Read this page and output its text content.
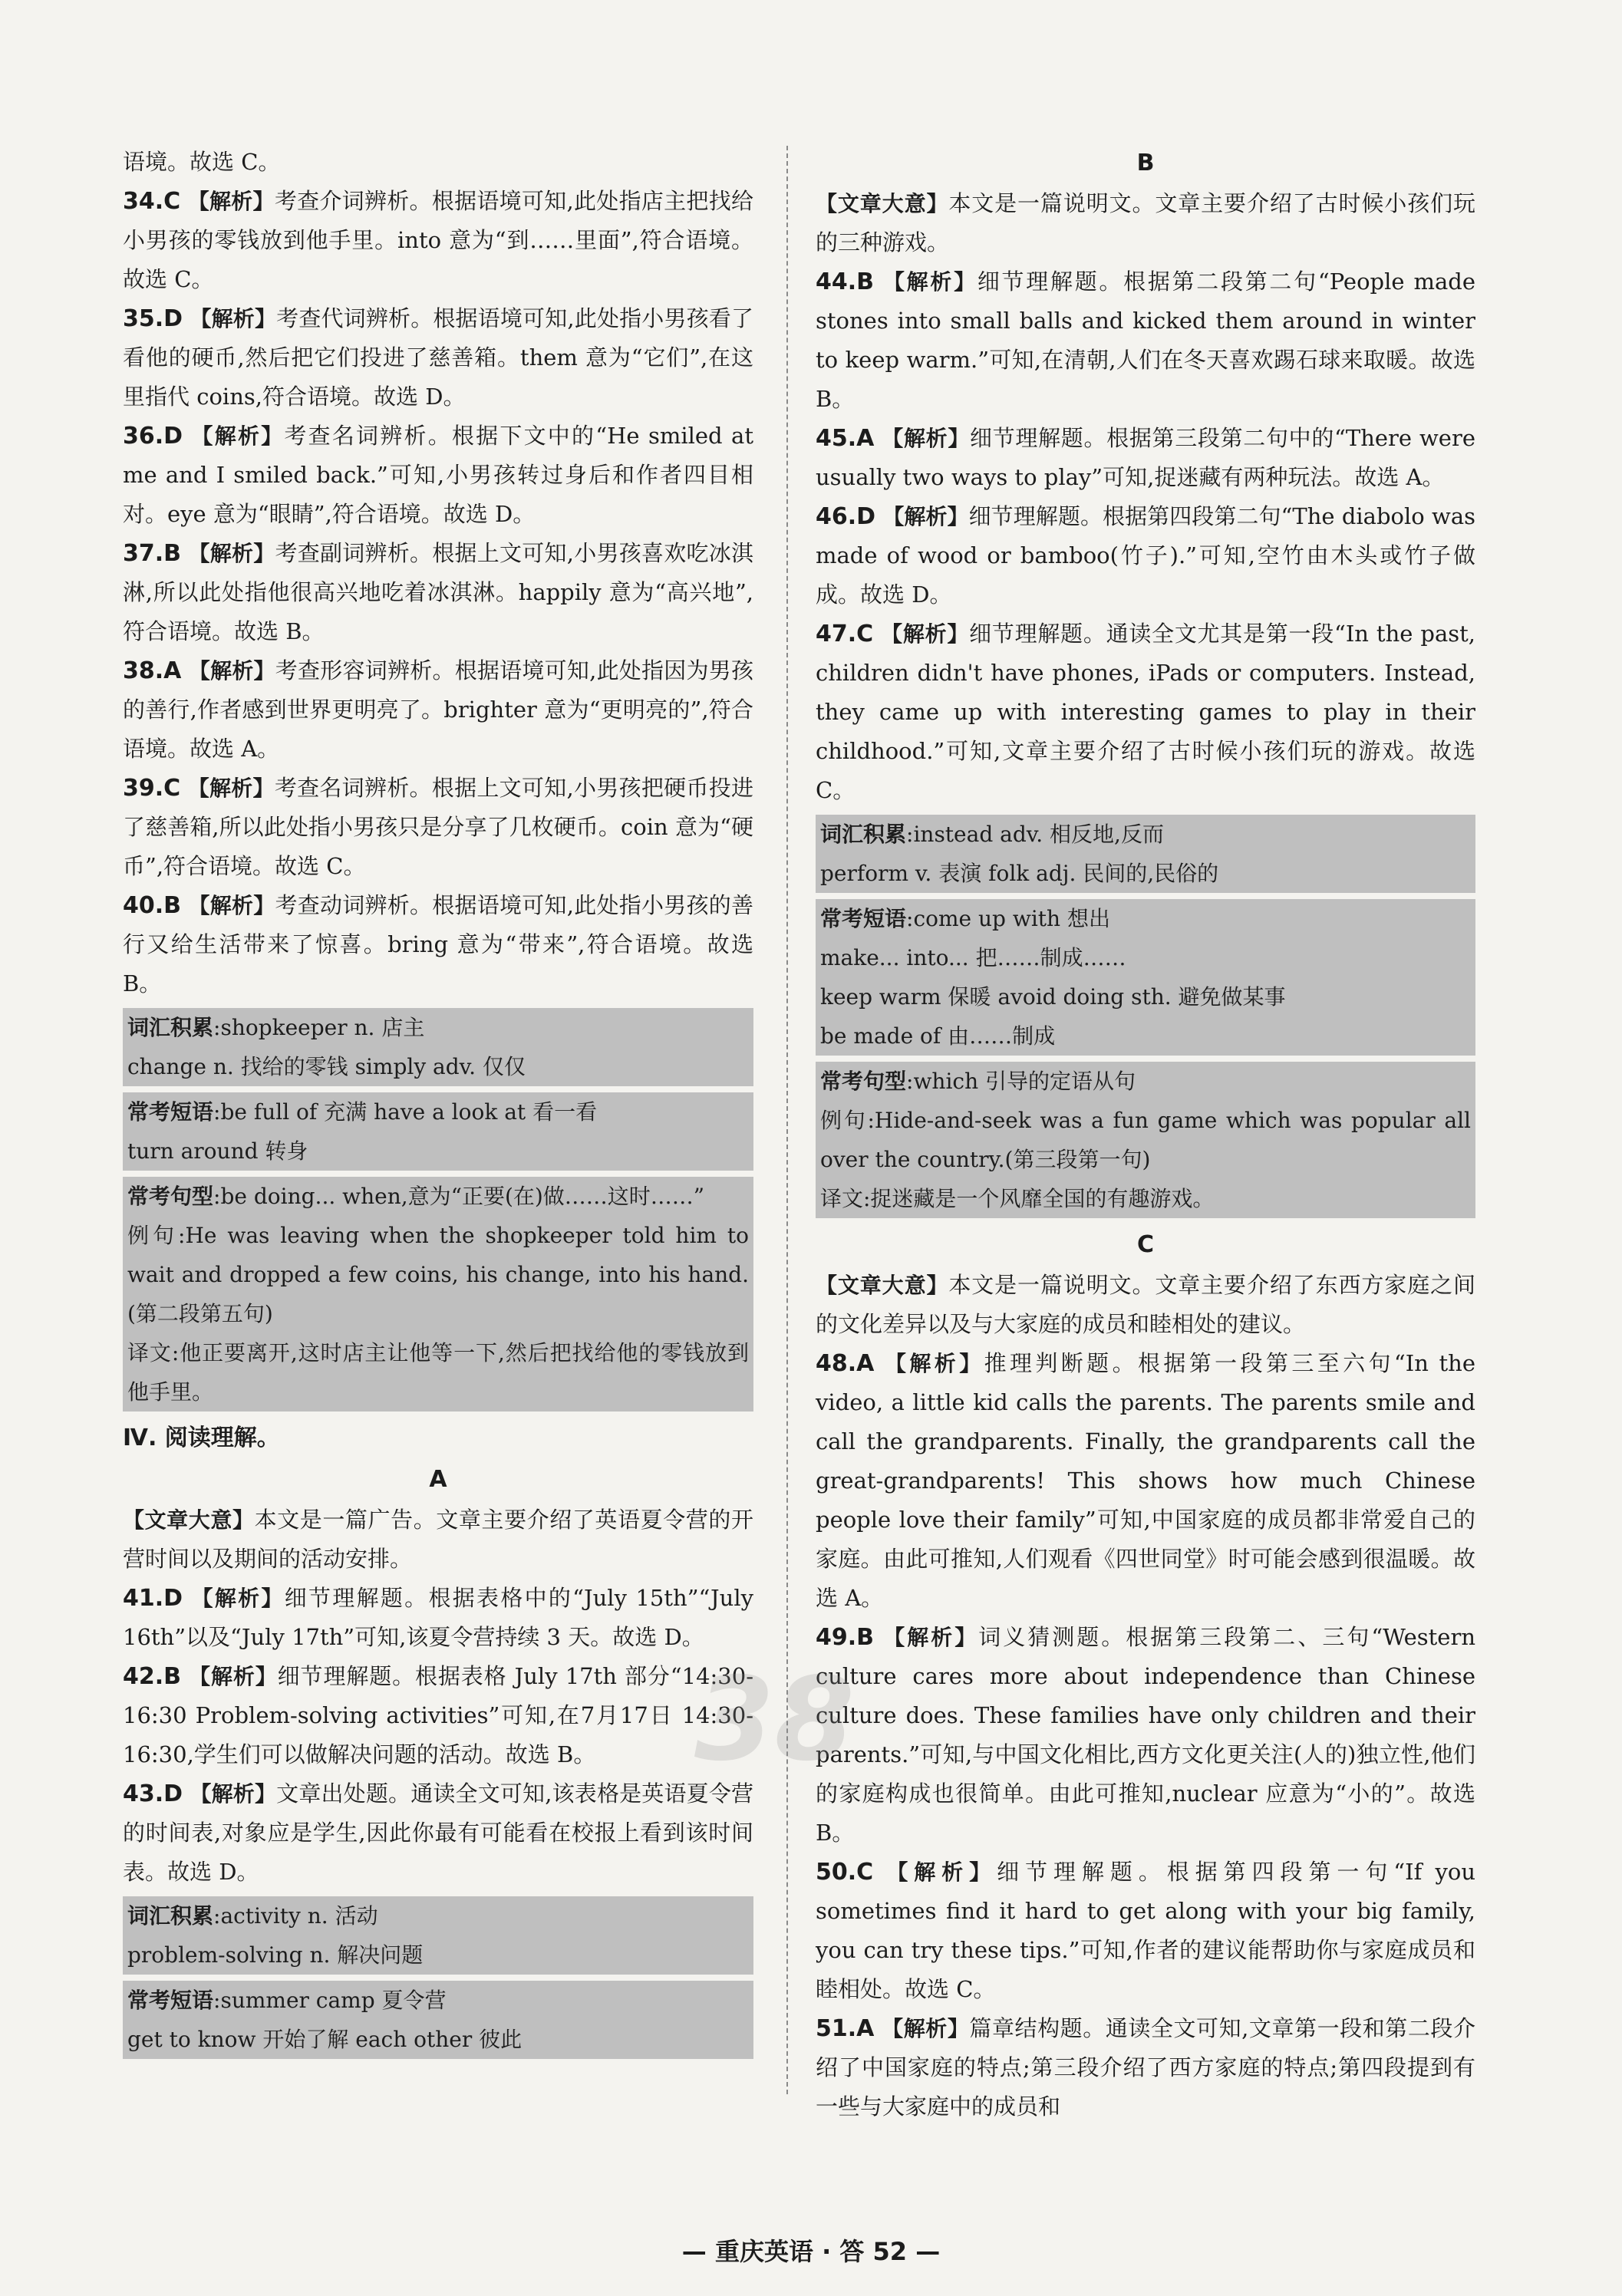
语境。故选 C。

34.C 【解析】考查介词辨析。根据语境可知,此处指店主把找给小男孩的零钱放到他手里。into 意为“到……里面”,符合语境。故选 C。

35.D 【解析】考查代词辨析。根据语境可知,此处指小男孩看了看他的硬币,然后把它们投进了慈善箱。them 意为“它们”,在这里指代 coins,符合语境。故选 D。

36.D 【解析】考查名词辨析。根据下文中的“He smiled at me and I smiled back.”可知,小男孩转过身后和作者四目相对。eye 意为“眼睛”,符合语境。故选 D。

37.B 【解析】考查副词辨析。根据上文可知,小男孩喜欢吃冰淇淋,所以此处指他很高兴地吃着冰淇淋。happily 意为“高兴地”,符合语境。故选 B。

38.A 【解析】考查形容词辨析。根据语境可知,此处指因为男孩的善行,作者感到世界更明亮了。brighter 意为“更明亮的”,符合语境。故选 A。

39.C 【解析】考查名词辨析。根据上文可知,小男孩把硬币投进了慈善箱,所以此处指小男孩只是分享了几枚硬币。coin 意为“硬币”,符合语境。故选 C。

40.B 【解析】考查动词辨析。根据语境可知,此处指小男孩的善行又给生活带来了惊喜。bring 意为“带来”,符合语境。故选 B。

词汇积累:shopkeeper n. 店主

change n. 找给的零钱 simply adv. 仅仅

常考短语:be full of 充满 have a look at 看一看

turn around 转身

常考句型:be doing... when,意为“正要(在)做……这时……”

例句:He was leaving when the shopkeeper told him to wait and dropped a few coins, his change, into his hand.(第二段第五句)

译文:他正要离开,这时店主让他等一下,然后把找给他的零钱放到他手里。

Ⅳ. 阅读理解。
A

【文章大意】本文是一篇广告。文章主要介绍了英语夏令营的开营时间以及期间的活动安排。

41.D 【解析】细节理解题。根据表格中的“July 15th”“July 16th”以及“July 17th”可知,该夏令营持续 3 天。故选 D。

42.B 【解析】细节理解题。根据表格 July 17th 部分“14:30-16:30 Problem-solving activities”可知,在7月17日 14:30-16:30,学生们可以做解决问题的活动。故选 B。

43.D 【解析】文章出处题。通读全文可知,该表格是英语夏令营的时间表,对象应是学生,因此你最有可能看在校报上看到该时间表。故选 D。

词汇积累:activity n. 活动

problem-solving n. 解决问题

常考短语:summer camp 夏令营

get to know 开始了解 each other 彼此

B

【文章大意】本文是一篇说明文。文章主要介绍了古时候小孩们玩的三种游戏。

44.B 【解析】细节理解题。根据第二段第二句“People made stones into small balls and kicked them around in winter to keep warm.”可知,在清朝,人们在冬天喜欢踢石球来取暖。故选 B。

45.A 【解析】细节理解题。根据第三段第二句中的“There were usually two ways to play”可知,捉迷藏有两种玩法。故选 A。

46.D 【解析】细节理解题。根据第四段第二句“The diabolo was made of wood or bamboo(竹子).”可知,空竹由木头或竹子做成。故选 D。

47.C 【解析】细节理解题。通读全文尤其是第一段“In the past, children didn't have phones, iPads or computers. Instead, they came up with interesting games to play in their childhood.”可知,文章主要介绍了古时候小孩们玩的游戏。故选 C。

词汇积累:instead adv. 相反地,反而

perform v. 表演 folk adj. 民间的,民俗的

常考短语:come up with 想出

make... into... 把……制成……

keep warm 保暖 avoid doing sth. 避免做某事

be made of 由……制成

常考句型:which 引导的定语从句

例句:Hide-and-seek was a fun game which was popular all over the country.(第三段第一句)

译文:捉迷藏是一个风靡全国的有趣游戏。

C

【文章大意】本文是一篇说明文。文章主要介绍了东西方家庭之间的文化差异以及与大家庭的成员和睦相处的建议。

48.A 【解析】推理判断题。根据第一段第三至六句“In the video, a little kid calls the parents. The parents smile and call the grandparents. Finally, the grandparents call the great-grandparents! This shows how much Chinese people love their family”可知,中国家庭的成员都非常爱自己的家庭。由此可推知,人们观看《四世同堂》时可能会感到很温暖。故选 A。

49.B 【解析】词义猜测题。根据第三段第二、三句“Western culture cares more about independence than Chinese culture does. These families have only children and their parents.”可知,与中国文化相比,西方文化更关注(人的)独立性,他们的家庭构成也很简单。由此可推知,nuclear 应意为“小的”。故选 B。

50.C 【解析】细节理解题。根据第四段第一句“If you sometimes find it hard to get along with your big family, you can try these tips.”可知,作者的建议能帮助你与家庭成员和睦相处。故选 C。

51.A 【解析】篇章结构题。通读全文可知,文章第一段和第二段介绍了中国家庭的特点;第三段介绍了西方家庭的特点;第四段提到有一些与大家庭中的成员和

38
— 重庆英语 · 答 52 —
